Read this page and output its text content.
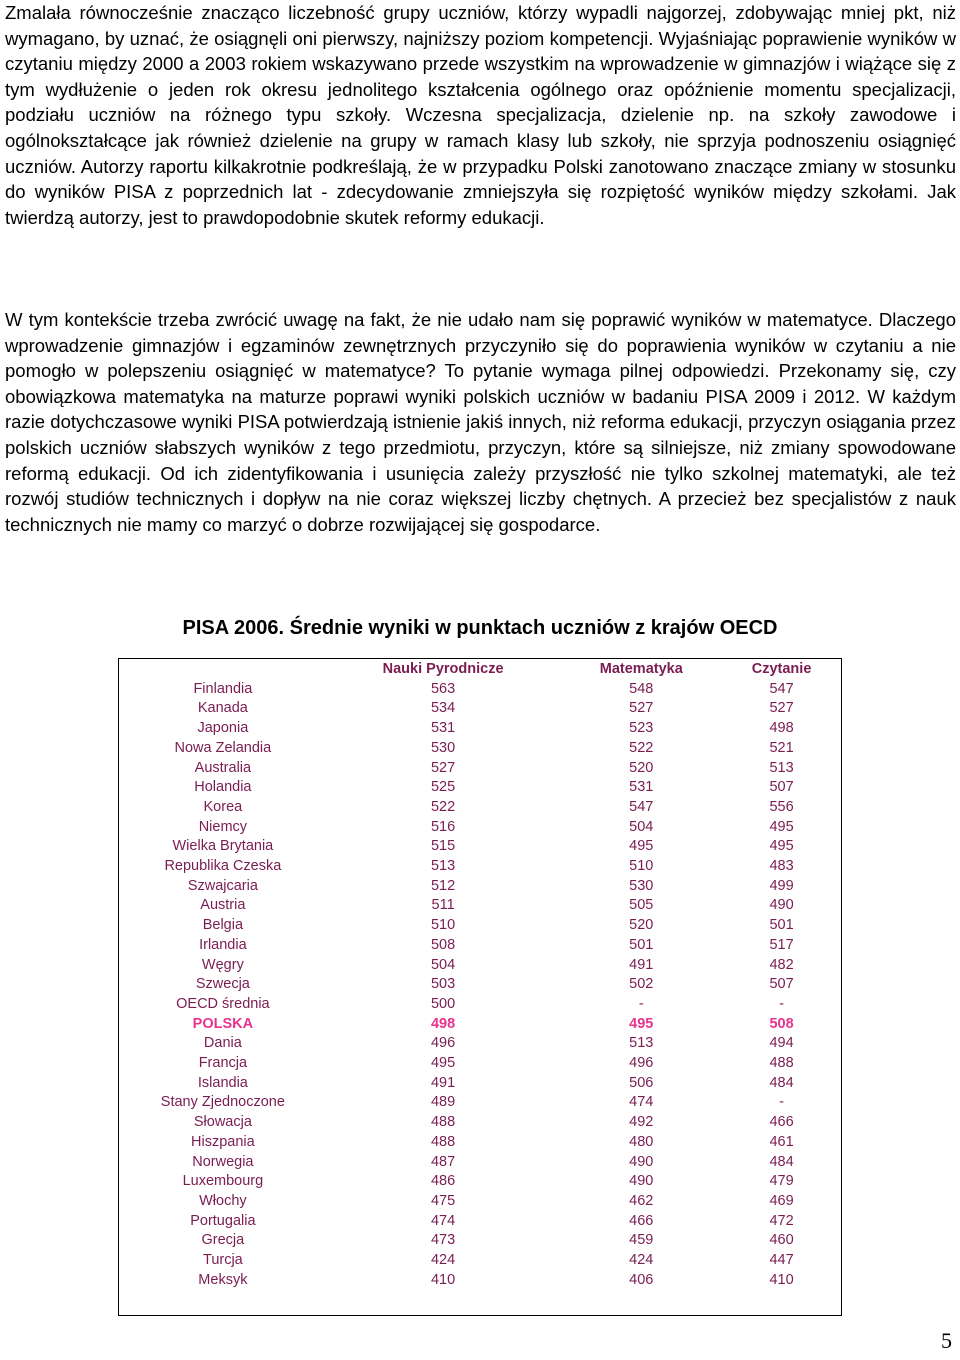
Zmalała równocześnie znacząco liczebność grupy uczniów, którzy wypadli najgorzej, zdobywając mniej pkt, niż wymagano, by uznać, że osiągnęli oni pierwszy, najniższy poziom kompetencji. Wyjaśniając poprawienie wyników w czytaniu między 2000 a 2003 rokiem wskazywano przede wszystkim na wprowadzenie w gimnazjów i wiążące się z tym wydłużenie o jeden rok okresu jednolitego kształcenia ogólnego oraz opóźnienie momentu specjalizacji, podziału uczniów na różnego typu szkoły. Wczesna specjalizacja, dzielenie np. na szkoły zawodowe i ogólnokształcące jak również dzielenie na grupy w ramach klasy lub szkoły, nie sprzyja podnoszeniu osiągnięć uczniów. Autorzy raportu kilkakrotnie podkreślają, że w przypadku Polski zanotowano znaczące zmiany w stosunku do wyników PISA z poprzednich lat - zdecydowanie zmniejszyła się rozpiętość wyników między szkołami. Jak twierdzą autorzy, jest to prawdopodobnie skutek reformy edukacji.
W tym kontekście trzeba zwrócić uwagę na fakt, że nie udało nam się poprawić wyników w matematyce. Dlaczego wprowadzenie gimnazjów i egzaminów zewnętrznych przyczyniło się do poprawienia wyników w czytaniu a nie pomogło w polepszeniu osiągnięć w matematyce? To pytanie wymaga pilnej odpowiedzi. Przekonamy się, czy obowiązkowa matematyka na maturze poprawi wyniki polskich uczniów w badaniu PISA 2009 i 2012. W każdym razie dotychczasowe wyniki PISA potwierdzają istnienie jakiś innych, niż reforma edukacji, przyczyn osiągania przez polskich uczniów słabszych wyników z tego przedmiotu, przyczyn, które są silniejsze, niż zmiany spowodowane reformą edukacji. Od ich zidentyfikowania i usunięcia zależy przyszłość nie tylko szkolnej matematyki, ale też rozwój studiów technicznych i dopływ na nie coraz większej liczby chętnych. A przecież bez specjalistów z nauk technicznych nie mamy co marzyć o dobrze rozwijającej się gospodarce.
PISA 2006. Średnie wyniki w punktach uczniów z krajów OECD
	Nauki Pyrodnicze	Matematyka	Czytanie
Finlandia	563	548	547
Kanada	534	527	527
Japonia	531	523	498
Nowa Zelandia	530	522	521
Australia	527	520	513
Holandia	525	531	507
Korea	522	547	556
Niemcy	516	504	495
Wielka Brytania	515	495	495
Republika Czeska	513	510	483
Szwajcaria	512	530	499
Austria	511	505	490
Belgia	510	520	501
Irlandia	508	501	517
Węgry	504	491	482
Szwecja	503	502	507
OECD średnia	500	-	-
POLSKA	498	495	508
Dania	496	513	494
Francja	495	496	488
Islandia	491	506	484
Stany Zjednoczone	489	474	-
Słowacja	488	492	466
Hiszpania	488	480	461
Norwegia	487	490	484
Luxembourg	486	490	479
Włochy	475	462	469
Portugalia	474	466	472
Grecja	473	459	460
Turcja	424	424	447
Meksyk	410	406	410
5
